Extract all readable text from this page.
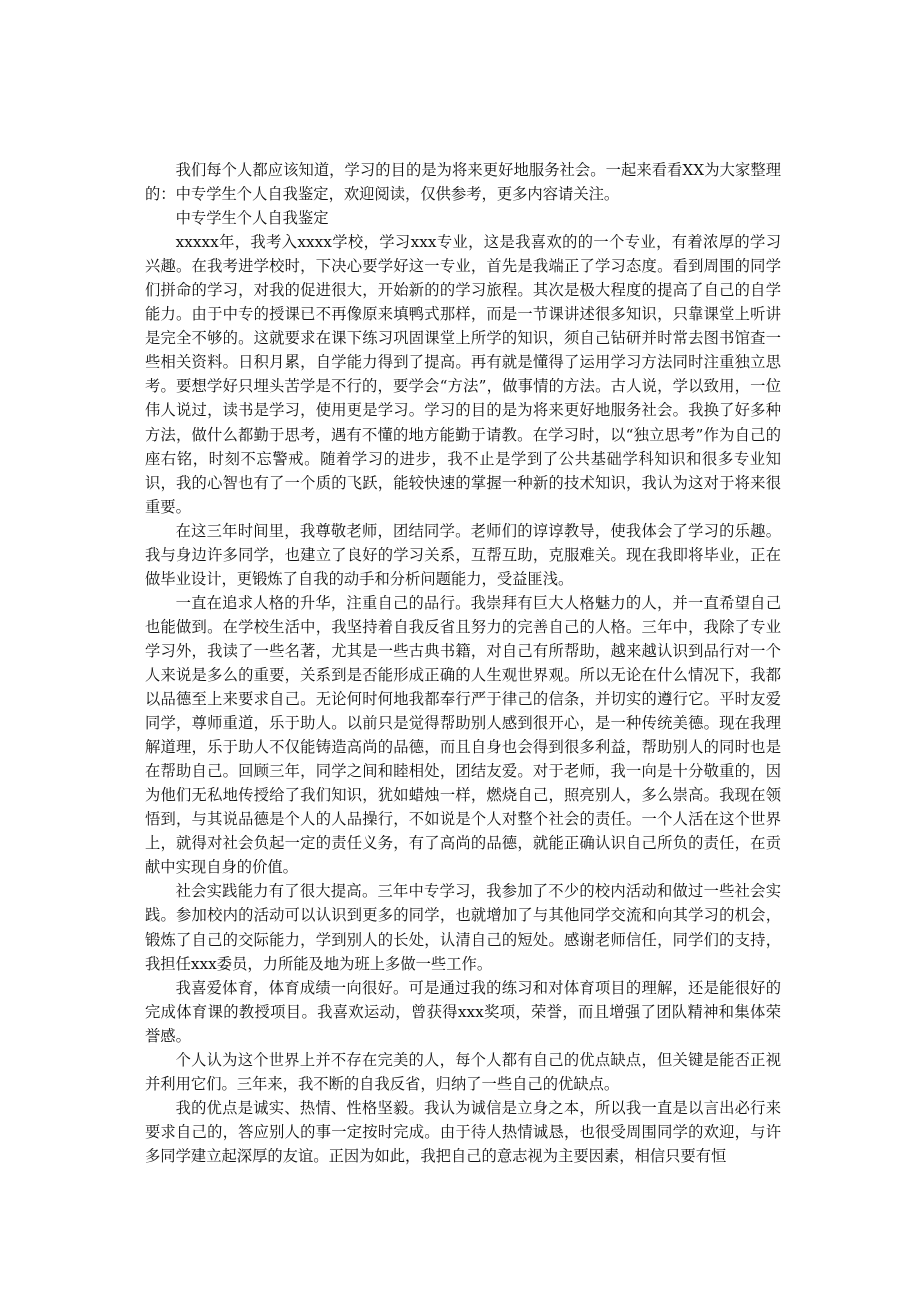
我们每个人都应该知道，学习的目的是为将来更好地服务社会。一起来看看XX为大家整理的：中专学生个人自我鉴定，欢迎阅读，仅供参考，更多内容请关注。

中专学生个人自我鉴定

xxxxx年，我考入xxxx学校，学习xxx专业，这是我喜欢的的一个专业，有着浓厚的学习兴趣。在我考进学校时，下决心要学好这一专业，首先是我端正了学习态度。看到周围的同学们拼命的学习，对我的促进很大，开始新的的学习旅程。其次是极大程度的提高了自己的自学能力。由于中专的授课已不再像原来填鸭式那样，而是一节课讲述很多知识，只靠课堂上听讲是完全不够的。这就要求在课下练习巩固课堂上所学的知识，须自己钻研并时常去图书馆查一些相关资料。日积月累，自学能力得到了提高。再有就是懂得了运用学习方法同时注重独立思考。要想学好只埋头苦学是不行的，要学会“方法”，做事情的方法。古人说，学以致用，一位伟人说过，读书是学习，使用更是学习。学习的目的是为将来更好地服务社会。我换了好多种方法，做什么都勤于思考，遇有不懂的地方能勤于请教。在学习时，以“独立思考”作为自己的座右铭，时刻不忘警戒。随着学习的进步，我不止是学到了公共基础学科知识和很多专业知识，我的心智也有了一个质的飞跃，能较快速的掌握一种新的技术知识，我认为这对于将来很重要。

在这三年时间里，我尊敬老师，团结同学。老师们的谆谆教导，使我体会了学习的乐趣。我与身边许多同学，也建立了良好的学习关系，互帮互助，克服难关。现在我即将毕业，正在做毕业设计，更锻炼了自我的动手和分析问题能力，受益匪浅。

一直在追求人格的升华，注重自己的品行。我崇拜有巨大人格魅力的人，并一直希望自己也能做到。在学校生活中，我坚持着自我反省且努力的完善自己的人格。三年中，我除了专业学习外，我读了一些名著，尤其是一些古典书籍，对自己有所帮助，越来越认识到品行对一个人来说是多么的重要，关系到是否能形成正确的人生观世界观。所以无论在什么情况下，我都以品德至上来要求自己。无论何时何地我都奉行严于律己的信条，并切实的遵行它。平时友爱同学，尊师重道，乐于助人。以前只是觉得帮助别人感到很开心，是一种传统美德。现在我理解道理，乐于助人不仅能铸造高尚的品德，而且自身也会得到很多利益，帮助别人的同时也是在帮助自己。回顾三年，同学之间和睦相处，团结友爱。对于老师，我一向是十分敬重的，因为他们无私地传授给了我们知识，犹如蜡烛一样，燃烧自己，照亮别人，多么崇高。我现在领悟到，与其说品德是个人的人品操行，不如说是个人对整个社会的责任。一个人活在这个世界上，就得对社会负起一定的责任义务，有了高尚的品德，就能正确认识自己所负的责任，在贡献中实现自身的价值。

社会实践能力有了很大提高。三年中专学习，我参加了不少的校内活动和做过一些社会实践。参加校内的活动可以认识到更多的同学，也就增加了与其他同学交流和向其学习的机会，锻炼了自己的交际能力，学到别人的长处，认清自己的短处。感谢老师信任，同学们的支持，我担任xxx委员，力所能及地为班上多做一些工作。

我喜爱体育，体育成绩一向很好。可是通过我的练习和对体育项目的理解，还是能很好的完成体育课的教授项目。我喜欢运动，曾获得xxx奖项，荣誉，而且增强了团队精神和集体荣誉感。

个人认为这个世界上并不存在完美的人，每个人都有自己的优点缺点，但关键是能否正视并利用它们。三年来，我不断的自我反省，归纳了一些自己的优缺点。

我的优点是诚实、热情、性格坚毅。我认为诚信是立身之本，所以我一直是以言出必行来要求自己的，答应别人的事一定按时完成。由于待人热情诚恳，也很受周围同学的欢迎，与许多同学建立起深厚的友谊。正因为如此，我把自己的意志视为主要因素，相信只要有恒
